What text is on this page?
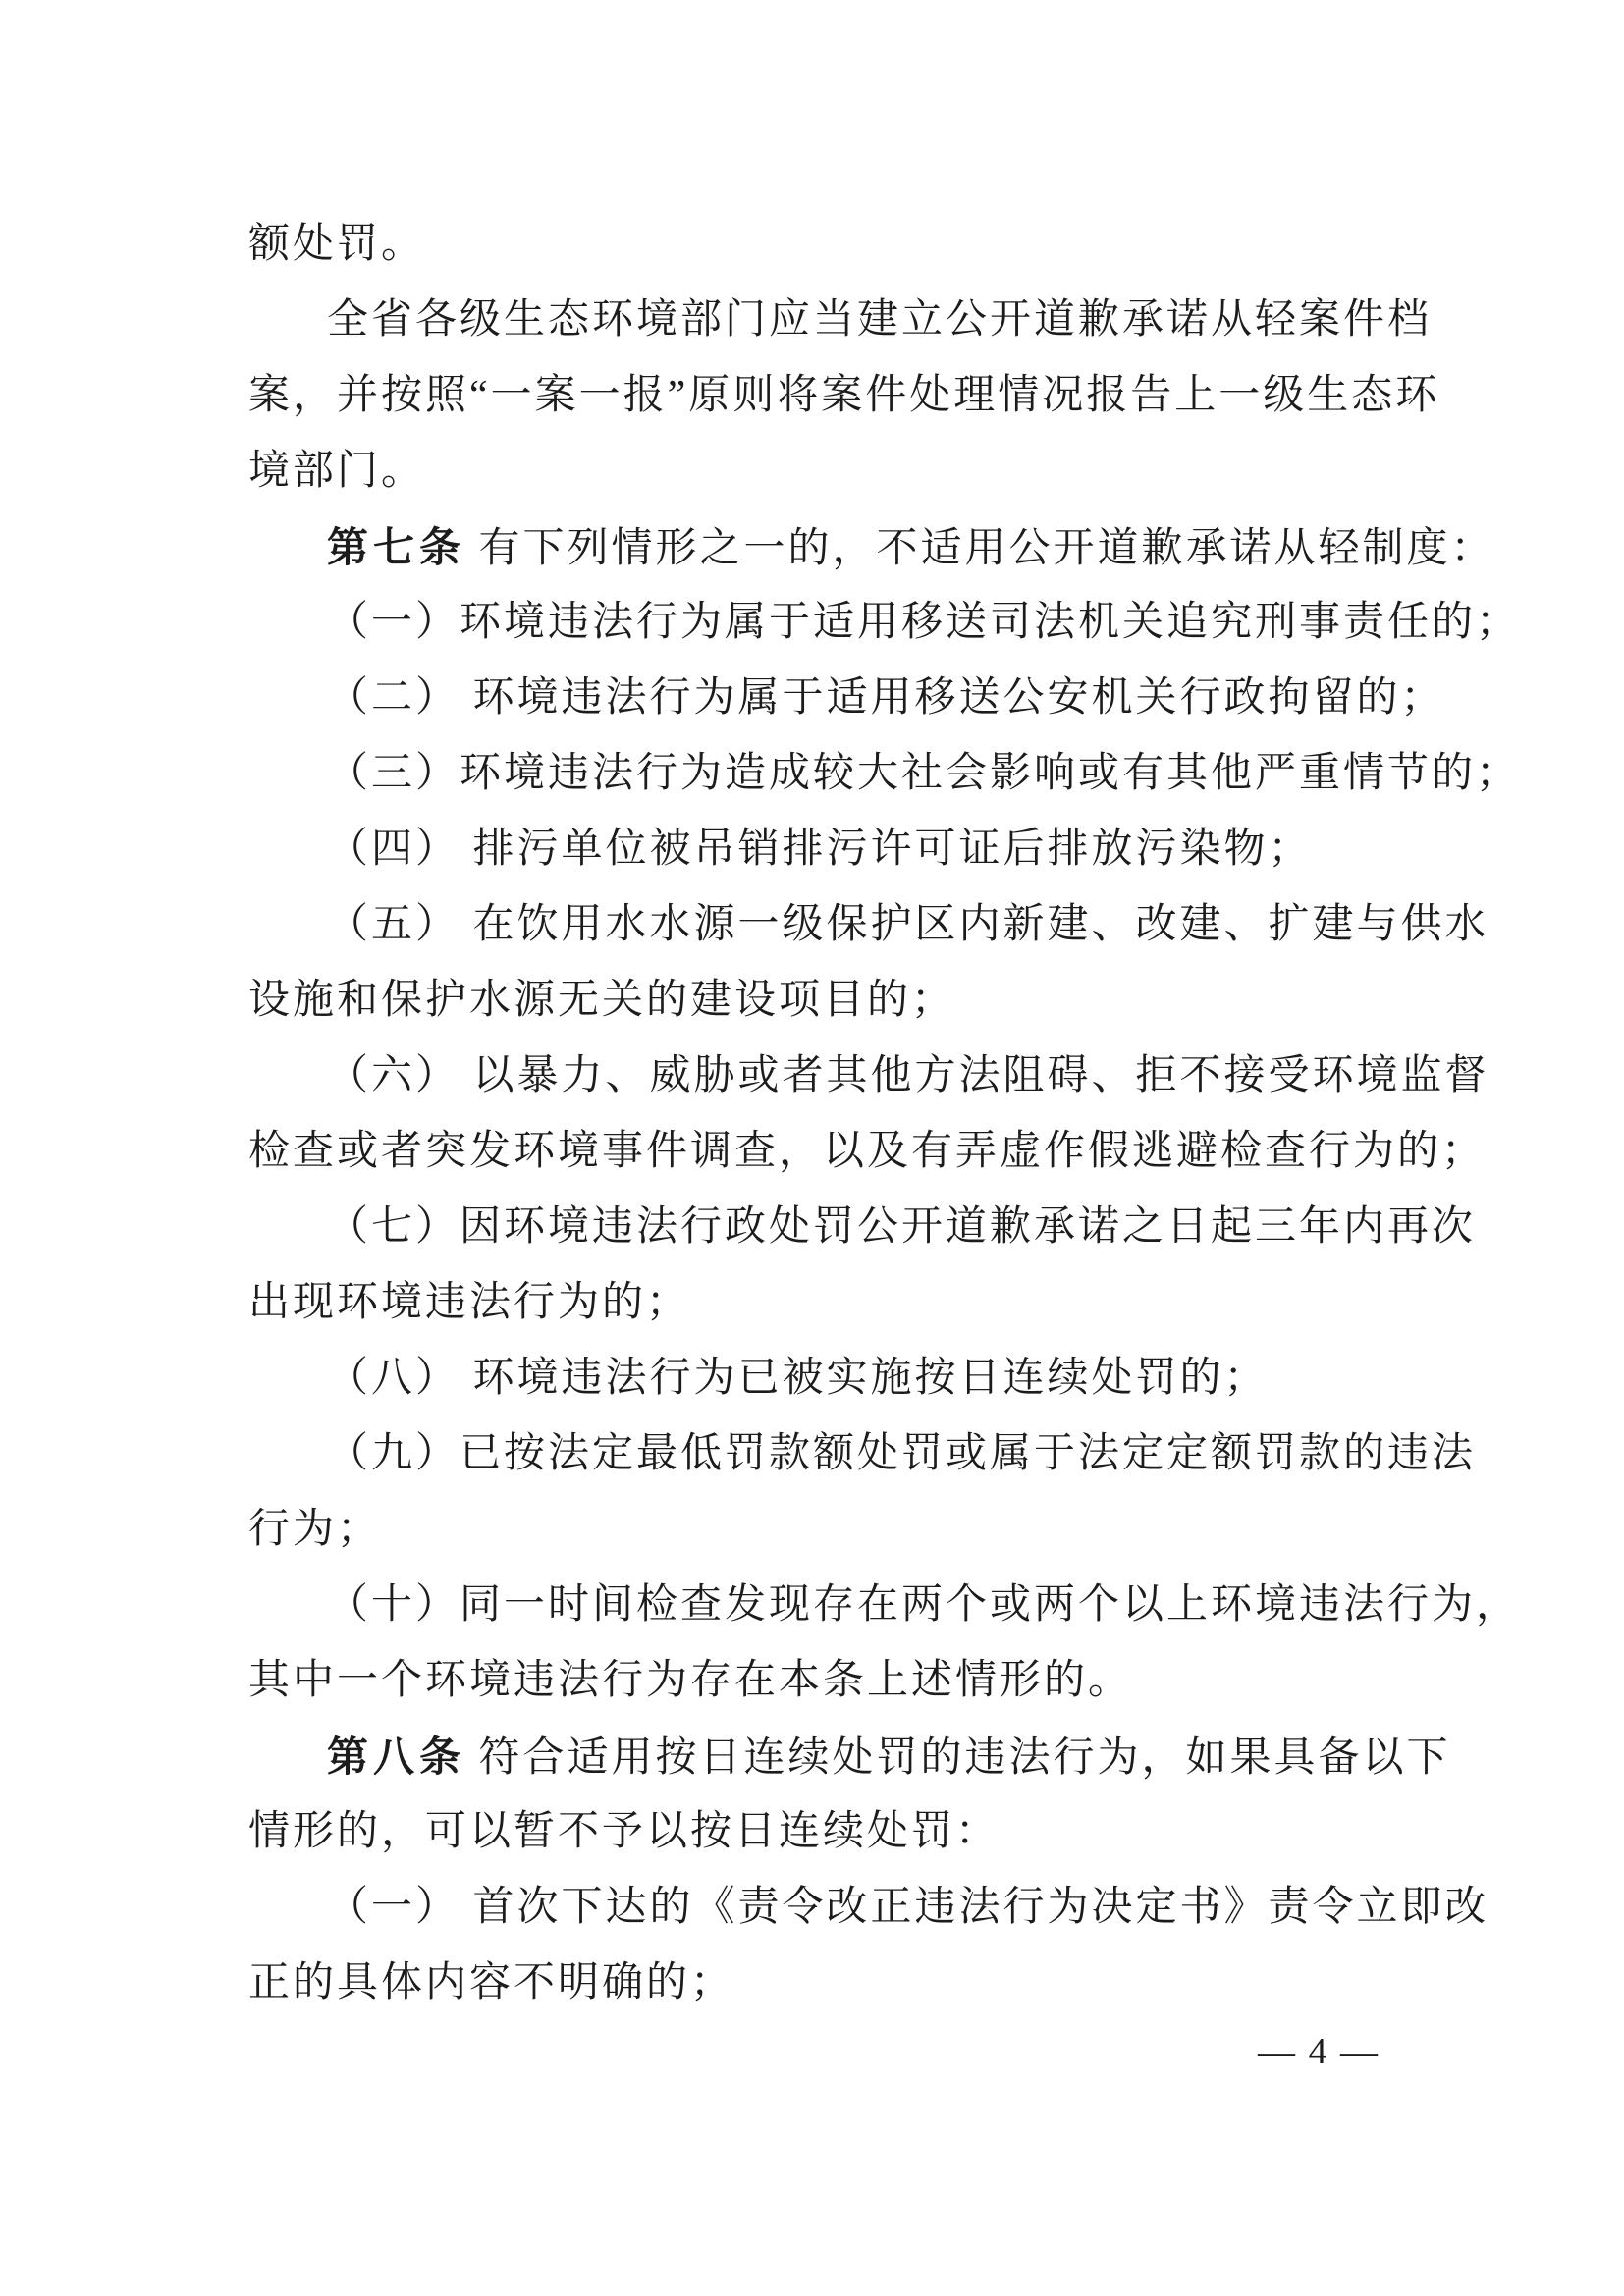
额处罚。
全省各级生态环境部门应当建立公开道歉承诺从轻案件档
案，并按照“一案一报”原则将案件处理情况报告上一级生态环
境部门。
第七条 有下列情形之一的，不适用公开道歉承诺从轻制度：
（一）环境违法行为属于适用移送司法机关追究刑事责任的；
（二） 环境违法行为属于适用移送公安机关行政拘留的；
（三）环境违法行为造成较大社会影响或有其他严重情节的；
（四） 排污单位被吊销排污许可证后排放污染物；
（五） 在饮用水水源一级保护区内新建、改建、扩建与供水
设施和保护水源无关的建设项目的；
（六） 以暴力、威胁或者其他方法阻碍、拒不接受环境监督
检查或者突发环境事件调查，以及有弄虚作假逃避检查行为的；
（七）因环境违法行政处罚公开道歉承诺之日起三年内再次
出现环境违法行为的；
（八） 环境违法行为已被实施按日连续处罚的；
（九）已按法定最低罚款额处罚或属于法定定额罚款的违法
行为；
（十）同一时间检查发现存在两个或两个以上环境违法行为，
其中一个环境违法行为存在本条上述情形的。
第八条 符合适用按日连续处罚的违法行为，如果具备以下
情形的，可以暂不予以按日连续处罚：
（一） 首次下达的《责令改正违法行为决定书》责令立即改
正的具体内容不明确的；
— 4 —
